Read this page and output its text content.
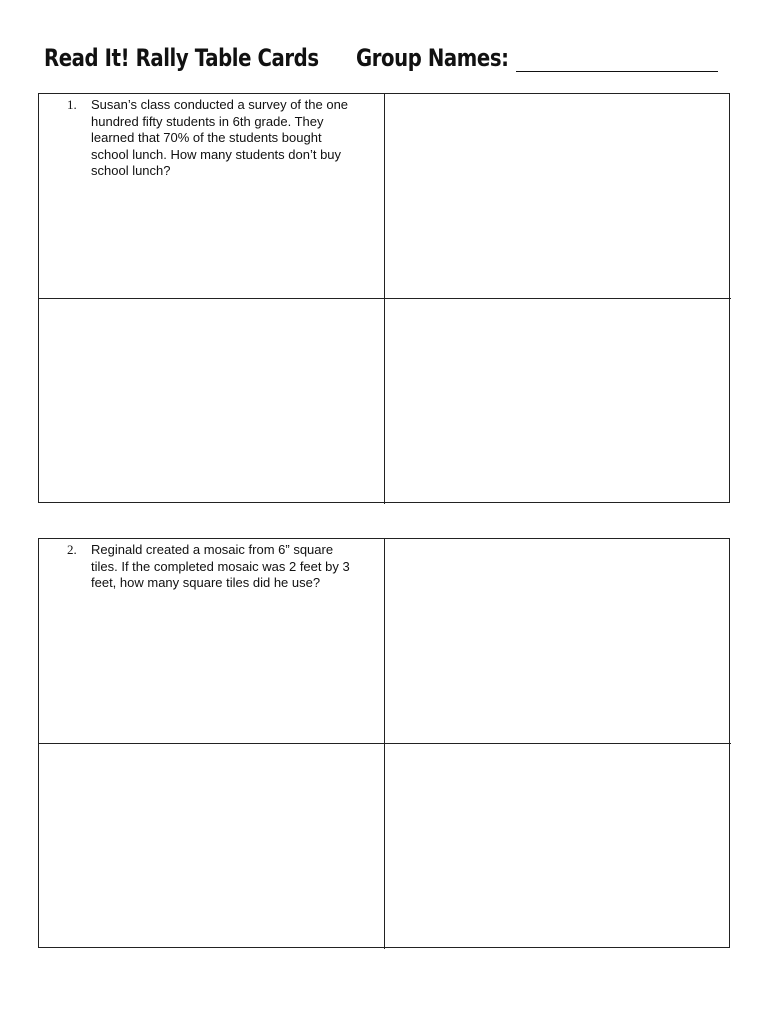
Read It! Rally Table Cards Group Names:
1.	Susan’s class conducted a survey of the one hundred fifty students in 6th grade. They learned that 70% of the students bought school lunch. How many students don’t buy school lunch?
2.	Reginald created a mosaic from 6” square tiles. If the completed mosaic was 2 feet by 3 feet, how many square tiles did he use?
